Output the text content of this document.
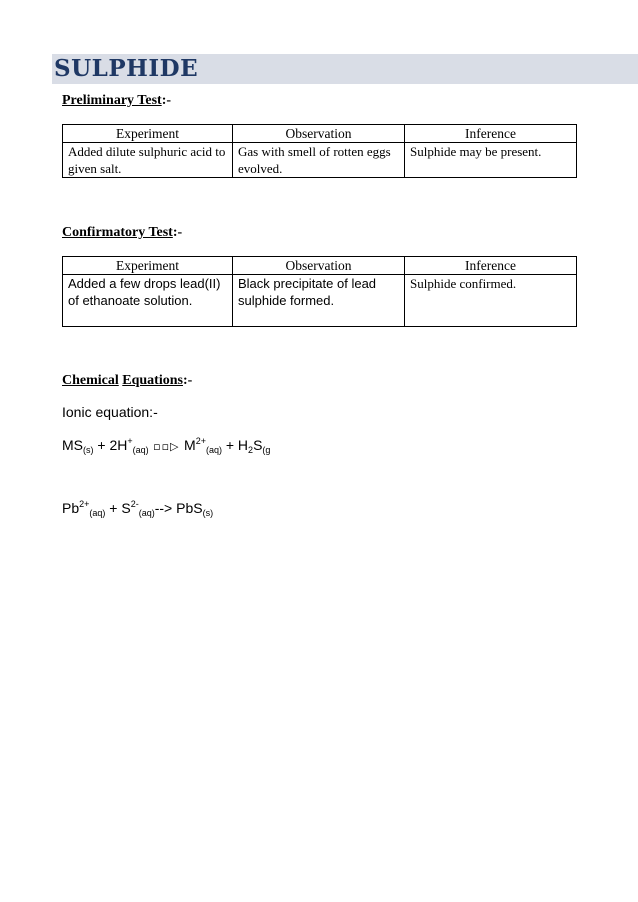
SULPHIDE
Preliminary Test:-
Experiment	Observation	Inference
Added dilute sulphuric acid to given salt.	Gas with smell of rotten eggs evolved.	Sulphide may be present.
Confirmatory Test:-
Experiment	Observation	Inference
Added a few drops lead(II) of ethanoate solution.	Black precipitate of lead sulphide formed.	Sulphide confirmed.
Chemical Equations:-
Ionic equation:-
$MS_{(s)} + 2H^+_{(aq)}$ ▫▫▷ $M^{2+}_{(aq)} + H_2S_{(g}$
$Pb^{2+}_{(aq)} + S^{2-}_{(aq)}--> PbS_{(s)}$
